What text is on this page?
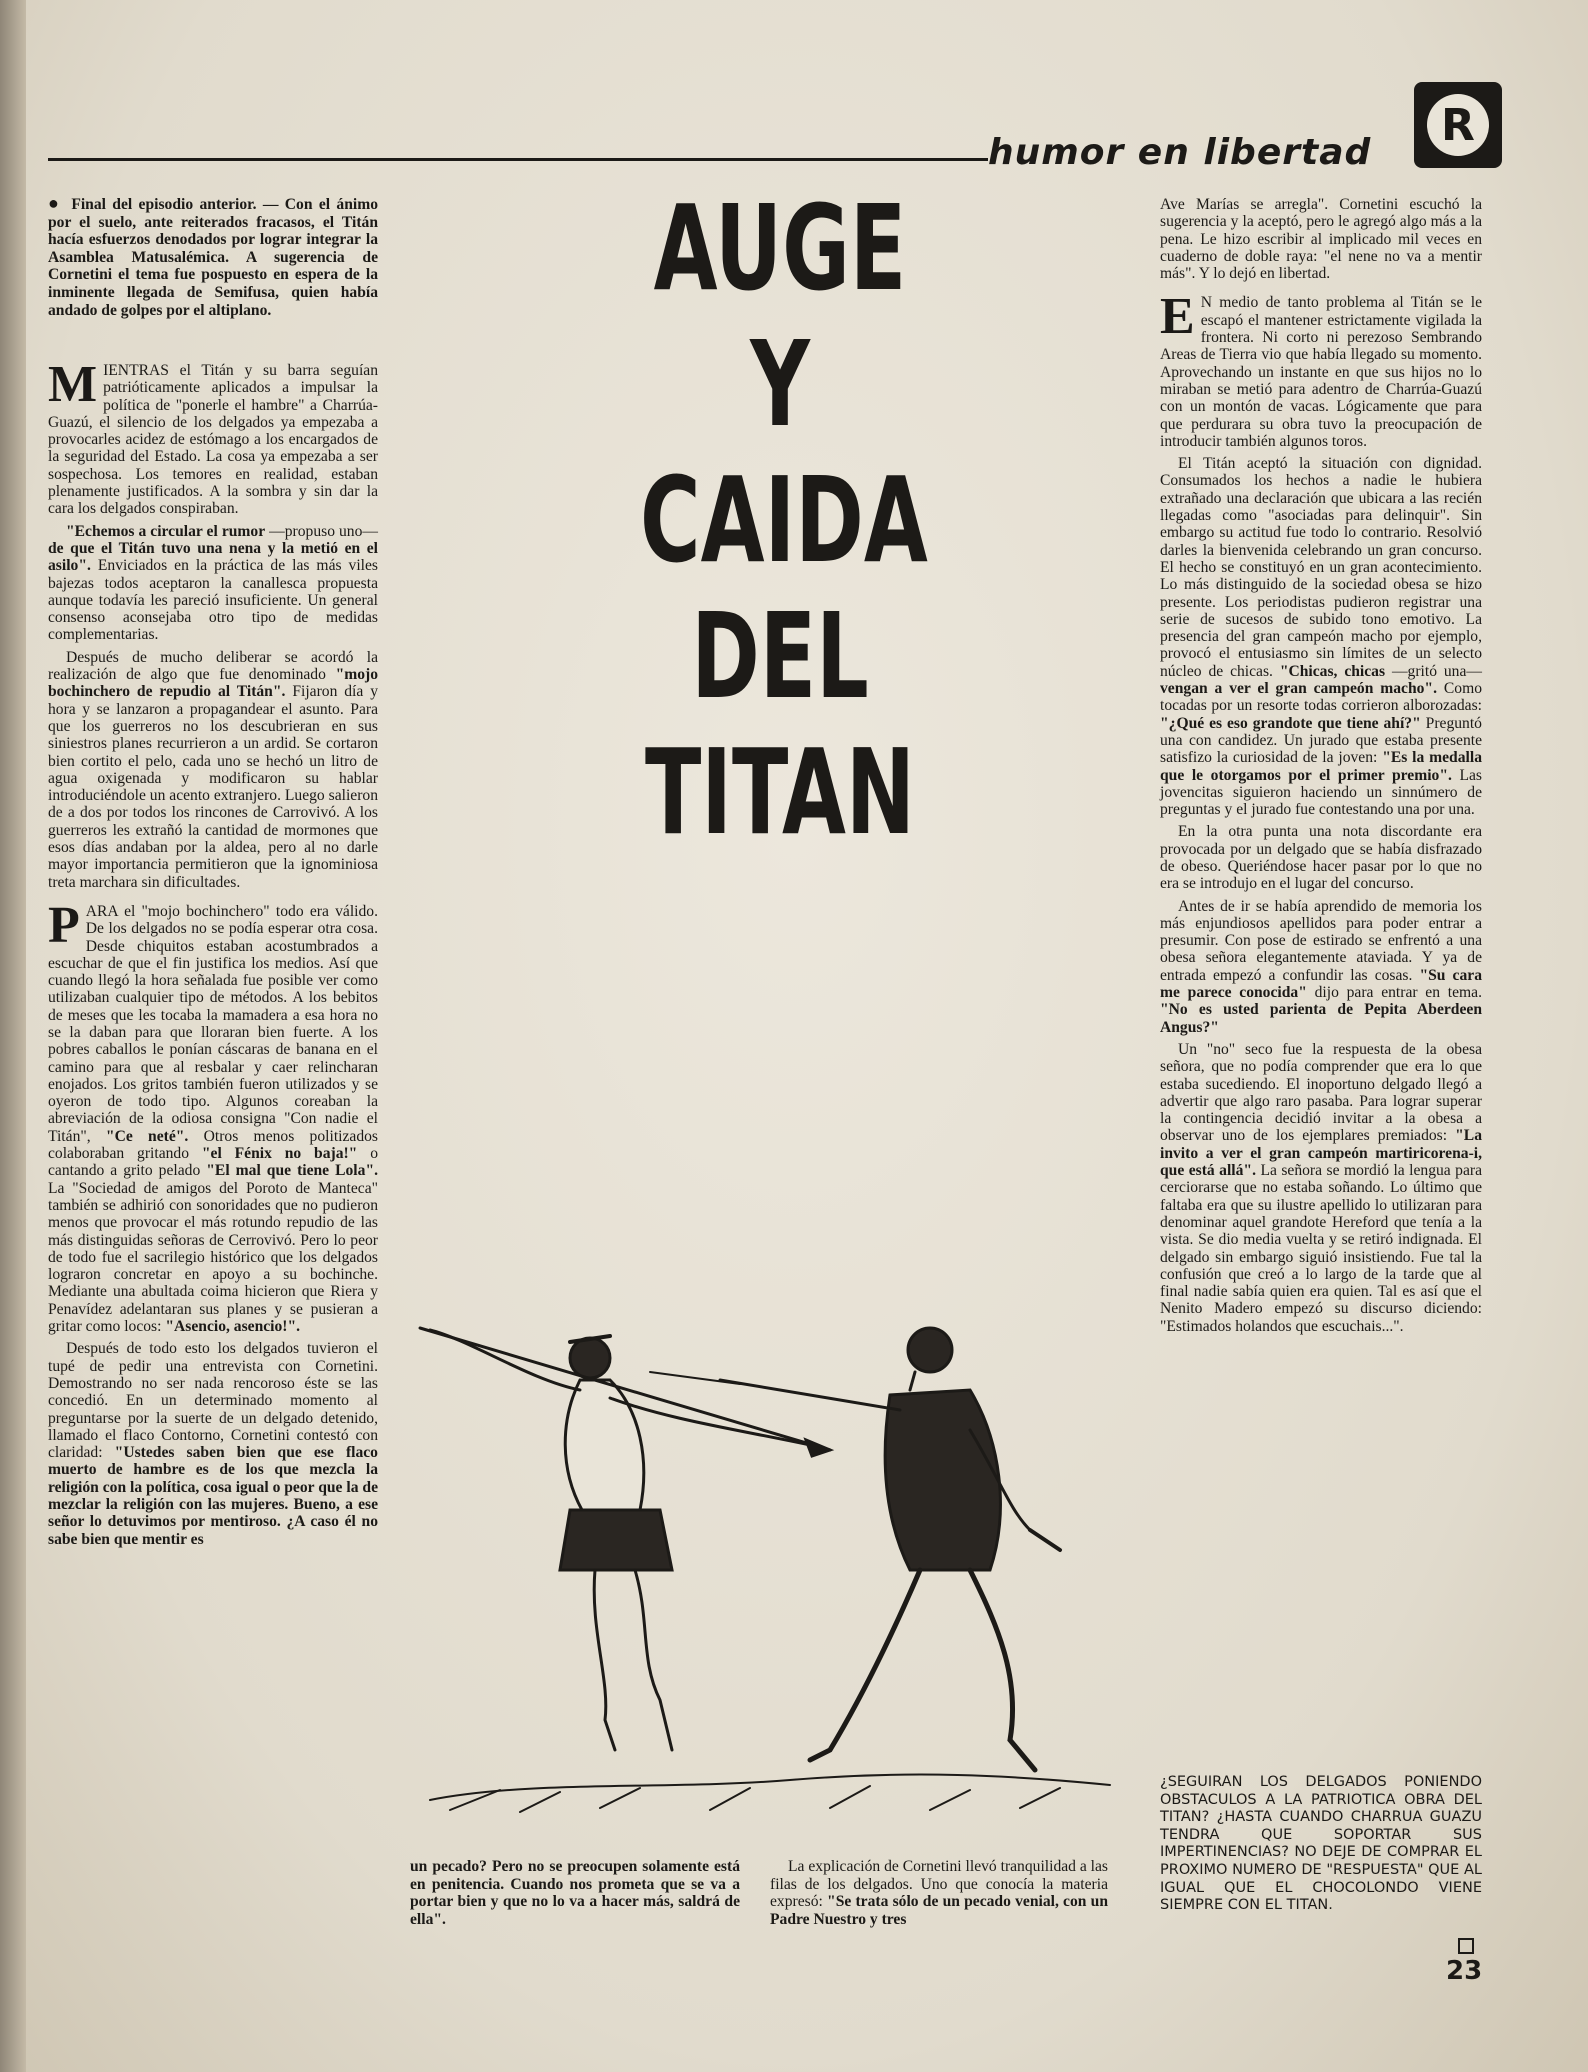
humor en libertad
R
● Final del episodio anterior. — Con el ánimo por el suelo, ante reiterados fracasos, el Titán hacía esfuerzos denodados por lograr integrar la Asamblea Matusalémica. A sugerencia de Cornetini el tema fue pospuesto en espera de la inminente llegada de Semifusa, quien había andado de golpes por el altiplano.

MIENTRAS el Titán y su barra seguían patrióticamente aplicados a impulsar la política de "ponerle el hambre" a Charrúa-Guazú, el silencio de los delgados ya empezaba a provocarles acidez de estómago a los encargados de la seguridad del Estado. La cosa ya empezaba a ser sospechosa. Los temores en realidad, estaban plenamente justificados. A la sombra y sin dar la cara los delgados conspiraban.

"Echemos a circular el rumor —propuso uno— de que el Titán tuvo una nena y la metió en el asilo". Enviciados en la práctica de las más viles bajezas todos aceptaron la canallesca propuesta aunque todavía les pareció insuficiente. Un general consenso aconsejaba otro tipo de medidas complementarias.

Después de mucho deliberar se acordó la realización de algo que fue denominado "mojo bochinchero de repudio al Titán". Fijaron día y hora y se lanzaron a propagandear el asunto. Para que los guerreros no los descubrieran en sus siniestros planes recurrieron a un ardid. Se cortaron bien cortito el pelo, cada uno se hechó un litro de agua oxigenada y modificaron su hablar introduciéndole un acento extranjero. Luego salieron de a dos por todos los rincones de Carrovivó. A los guerreros les extrañó la cantidad de mormones que esos días andaban por la aldea, pero al no darle mayor importancia permitieron que la ignominiosa treta marchara sin dificultades.

PARA el "mojo bochinchero" todo era válido. De los delgados no se podía esperar otra cosa. Desde chiquitos estaban acostumbrados a escuchar de que el fin justifica los medios. Así que cuando llegó la hora señalada fue posible ver como utilizaban cualquier tipo de métodos. A los bebitos de meses que les tocaba la mamadera a esa hora no se la daban para que lloraran bien fuerte. A los pobres caballos le ponían cáscaras de banana en el camino para que al resbalar y caer relincharan enojados. Los gritos también fueron utilizados y se oyeron de todo tipo. Algunos coreaban la abreviación de la odiosa consigna "Con nadie el Titán", "Ce neté". Otros menos politizados colaboraban gritando "el Fénix no baja!" o cantando a grito pelado "El mal que tiene Lola". La "Sociedad de amigos del Poroto de Manteca" también se adhirió con sonoridades que no pudieron menos que provocar el más rotundo repudio de las más distinguidas señoras de Cerrovivó. Pero lo peor de todo fue el sacrilegio histórico que los delgados lograron concretar en apoyo a su bochinche. Mediante una abultada coima hicieron que Riera y Penavídez adelantaran sus planes y se pusieran a gritar como locos: "Asencio, asencio!".

Después de todo esto los delgados tuvieron el tupé de pedir una entrevista con Cornetini. Demostrando no ser nada rencoroso éste se las concedió. En un determinado momento al preguntarse por la suerte de un delgado detenido, llamado el flaco Contorno, Cornetini contestó con claridad: "Ustedes saben bien que ese flaco muerto de hambre es de los que mezcla la religión con la política, cosa igual o peor que la de mezclar la religión con las mujeres. Bueno, a ese señor lo detuvimos por mentiroso. ¿A caso él no sabe bien que mentir es

AUGE
Y
CAIDA
DEL
TITAN
un pecado? Pero no se preocupen solamente está en penitencia. Cuando nos prometa que se va a portar bien y que no lo va a hacer más, saldrá de ella".
La explicación de Cornetini llevó tranquilidad a las filas de los delgados. Uno que conocía la materia expresó: "Se trata sólo de un pecado venial, con un Padre Nuestro y tres

Ave Marías se arregla". Cornetini escuchó la sugerencia y la aceptó, pero le agregó algo más a la pena. Le hizo escribir al implicado mil veces en cuaderno de doble raya: "el nene no va a mentir más". Y lo dejó en libertad.

E N medio de tanto problema al Titán se le escapó el mantener estrictamente vigilada la frontera. Ni corto ni perezoso Sembrando Areas de Tierra vio que había llegado su momento. Aprovechando un instante en que sus hijos no lo miraban se metió para adentro de Charrúa-Guazú con un montón de vacas. Lógicamente que para que perdurara su obra tuvo la preocupación de introducir también algunos toros.

El Titán aceptó la situación con dignidad. Consumados los hechos a nadie le hubiera extrañado una declaración que ubicara a las recién llegadas como "asociadas para delinquir". Sin embargo su actitud fue todo lo contrario. Resolvió darles la bienvenida celebrando un gran concurso. El hecho se constituyó en un gran acontecimiento. Lo más distinguido de la sociedad obesa se hizo presente. Los periodistas pudieron registrar una serie de sucesos de subido tono emotivo. La presencia del gran campeón macho por ejemplo, provocó el entusiasmo sin límites de un selecto núcleo de chicas. "Chicas, chicas —gritó una— vengan a ver el gran campeón macho". Como tocadas por un resorte todas corrieron alborozadas: "¿Qué es eso grandote que tiene ahí?" Preguntó una con candidez. Un jurado que estaba presente satisfizo la curiosidad de la joven: "Es la medalla que le otorgamos por el primer premio". Las jovencitas siguieron haciendo un sinnúmero de preguntas y el jurado fue contestando una por una.

En la otra punta una nota discordante era provocada por un delgado que se había disfrazado de obeso. Queriéndose hacer pasar por lo que no era se introdujo en el lugar del concurso.

Antes de ir se había aprendido de memoria los más enjundiosos apellidos para poder entrar a presumir. Con pose de estirado se enfrentó a una obesa señora elegantemente ataviada. Y ya de entrada empezó a confundir las cosas. "Su cara me parece conocida" dijo para entrar en tema. "No es usted parienta de Pepita Aberdeen Angus?"

Un "no" seco fue la respuesta de la obesa señora, que no podía comprender que era lo que estaba sucediendo. El inoportuno delgado llegó a advertir que algo raro pasaba. Para lograr superar la contingencia decidió invitar a la obesa a observar uno de los ejemplares premiados: "La invito a ver el gran campeón martiricorena-i, que está allá". La señora se mordió la lengua para cerciorarse que no estaba soñando. Lo último que faltaba era que su ilustre apellido lo utilizaran para denominar aquel grandote Hereford que tenía a la vista. Se dio media vuelta y se retiró indignada. El delgado sin embargo siguió insistiendo. Fue tal la confusión que creó a lo largo de la tarde que al final nadie sabía quien era quien. Tal es así que el Nenito Madero empezó su discurso diciendo: "Estimados holandos que escuchais...".

¿SEGUIRAN LOS DELGADOS PONIENDO OBSTACULOS A LA PATRIOTICA OBRA DEL TITAN? ¿HASTA CUANDO CHARRUA GUAZU TENDRA QUE SOPORTAR SUS IMPERTINENCIAS? NO DEJE DE COMPRAR EL PROXIMO NUMERO DE "RESPUESTA" QUE AL IGUAL QUE EL CHOCOLONDO VIENE SIEMPRE CON EL TITAN.
23
